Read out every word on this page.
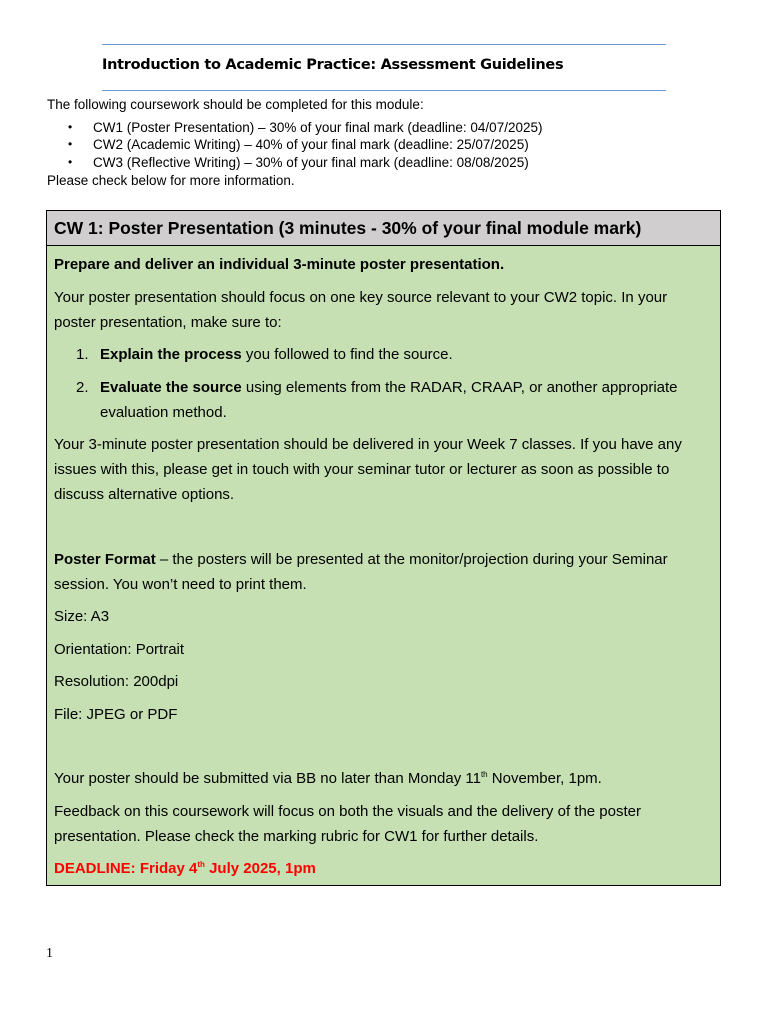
Introduction to Academic Practice: Assessment Guidelines

The following coursework should be completed for this module:

• CW1 (Poster Presentation) – 30% of your final mark (deadline: 04/07/2025)
• CW2 (Academic Writing) – 40% of your final mark (deadline: 25/07/2025)
• CW3 (Reflective Writing) – 30% of your final mark (deadline: 08/08/2025)

Please check below for more information.

CW 1: Poster Presentation (3 minutes - 30% of your final module mark)

Prepare and deliver an individual 3-minute poster presentation.

Your poster presentation should focus on one key source relevant to your CW2 topic. In your poster presentation, make sure to:

1. Explain the process you followed to find the source.
2. Evaluate the source using elements from the RADAR, CRAAP, or another appropriate evaluation method.

Your 3-minute poster presentation should be delivered in your Week 7 classes. If you have any issues with this, please get in touch with your seminar tutor or lecturer as soon as possible to discuss alternative options.

Poster Format – the posters will be presented at the monitor/projection during your Seminar session. You won’t need to print them.

Size: A3

Orientation: Portrait

Resolution: 200dpi

File: JPEG or PDF

Your poster should be submitted via BB no later than Monday 11th November, 1pm.

Feedback on this coursework will focus on both the visuals and the delivery of the poster presentation. Please check the marking rubric for CW1 for further details.

DEADLINE: Friday 4th July 2025, 1pm

1
